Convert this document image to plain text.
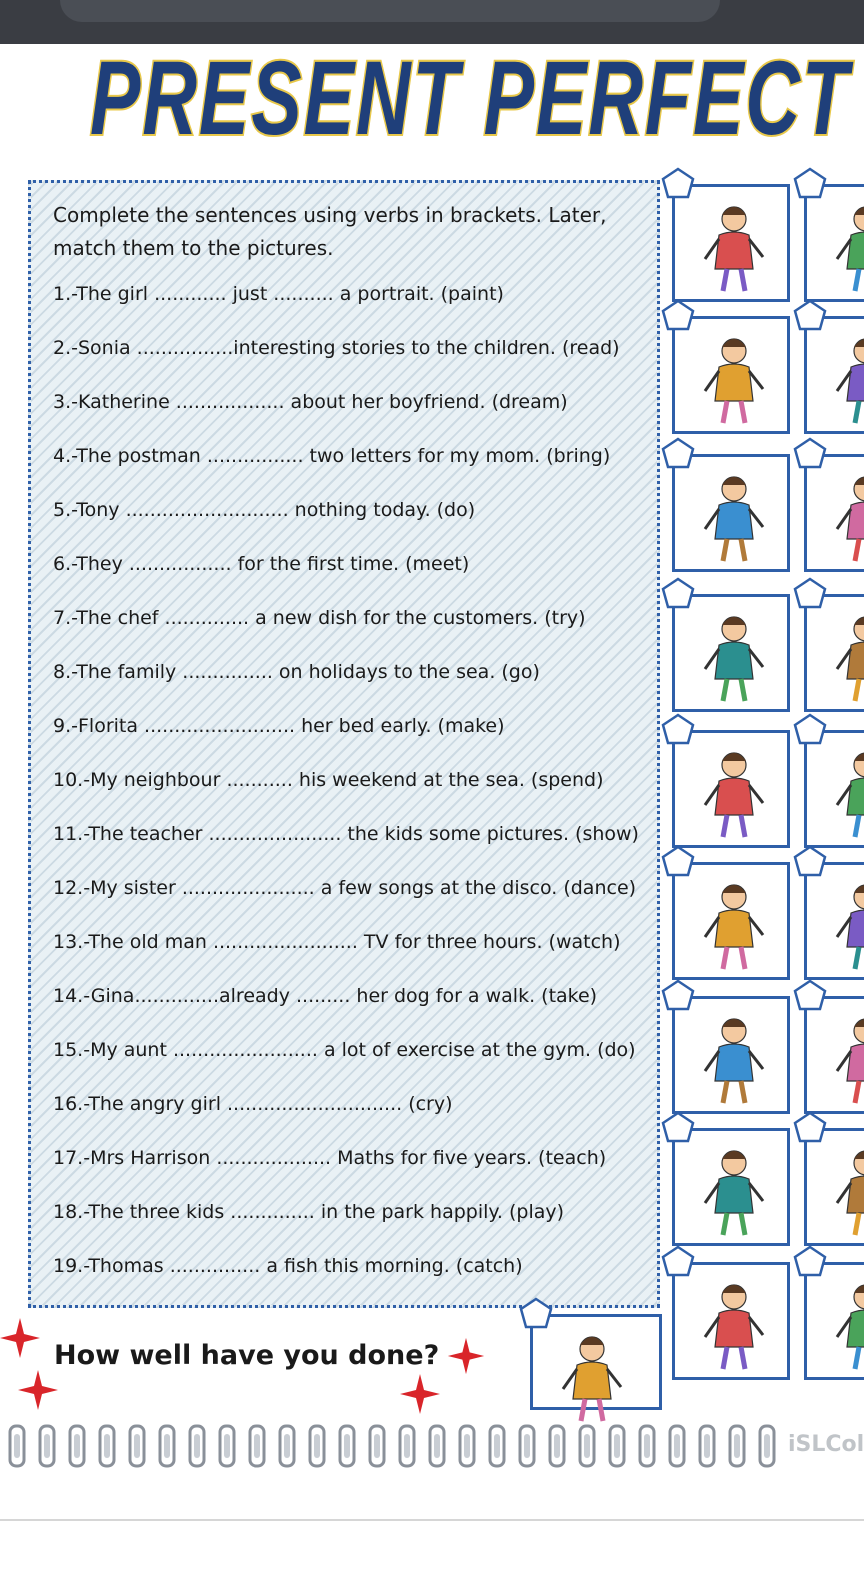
PRESENT PERFECT
Complete the sentences using verbs in brackets. Later, match them to the pictures.
1.-The girl ............ just .......... a portrait. (paint)
2.-Sonia ................interesting stories to the children. (read)
3.-Katherine .................. about her boyfriend. (dream)
4.-The postman ................ two letters for my mom. (bring)
5.-Tony ........................... nothing today. (do)
6.-They ................. for the first time. (meet)
7.-The chef .............. a new dish for the customers. (try)
8.-The family ............... on holidays to the sea. (go)
9.-Florita ......................... her bed early. (make)
10.-My neighbour ........... his weekend at the sea. (spend)
11.-The teacher ...................... the kids some pictures. (show)
12.-My sister ...................... a few songs at the disco. (dance)
13.-The old man ........................ TV for three hours. (watch)
14.-Gina..............already ......... her dog for a walk. (take)
15.-My aunt ........................ a lot of exercise at the gym. (do)
16.-The angry girl ............................. (cry)
17.-Mrs Harrison ................... Maths for five years. (teach)
18.-The three kids .............. in the park happily. (play)
19.-Thomas ............... a fish this morning. (catch)
How well have you done?
iSLCol
